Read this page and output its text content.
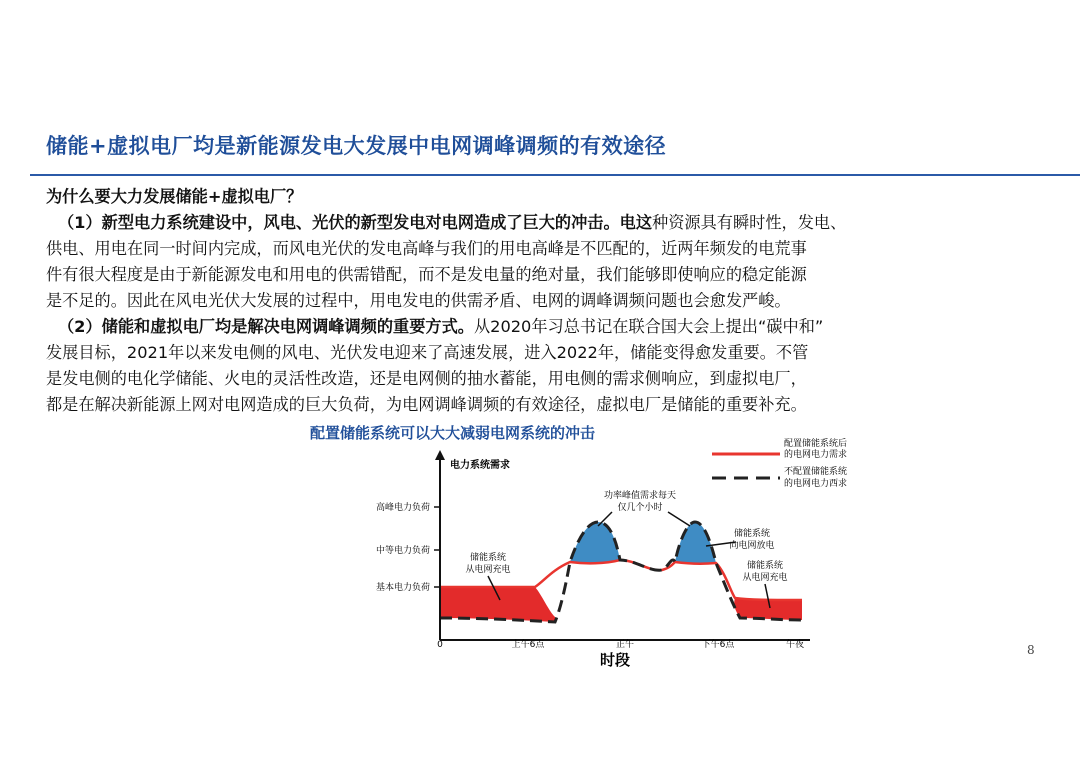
储能+虚拟电厂均是新能源发电大发展中电网调峰调频的有效途径

为什么要大力发展储能+虚拟电厂？

（1）新型电力系统建设中，风电、光伏的新型发电对电网造成了巨大的冲击。电这种资源具有瞬时性，发电、

供电、用电在同一时间内完成，而风电光伏的发电高峰与我们的用电高峰是不匹配的，近两年频发的电荒事

件有很大程度是由于新能源发电和用电的供需错配，而不是发电量的绝对量，我们能够即使响应的稳定能源

是不足的。因此在风电光伏大发展的过程中，用电发电的供需矛盾、电网的调峰调频问题也会愈发严峻。

（2）储能和虚拟电厂均是解决电网调峰调频的重要方式。从2020年习总书记在联合国大会上提出“碳中和”

发展目标，2021年以来发电侧的风电、光伏发电迎来了高速发展，进入2022年，储能变得愈发重要。不管

是发电侧的电化学储能、火电的灵活性改造，还是电网侧的抽水蓄能，用电侧的需求侧响应，到虚拟电厂，

都是在解决新能源上网对电网造成的巨大负荷，为电网调峰调频的有效途径，虚拟电厂是储能的重要补充。

配置储能系统可以大大减弱电网系统的冲击
电力系统需求
高峰电力负荷
中等电力负荷
基本电力负荷
0	上午6点	正午	下午6点	午夜
时段
功率峰值需求每天
仅几个小时
储能系统
从电网充电
储能系统
向电网放电
储能系统
从电网充电
配置储能系统后
的电网电力需求
不配置储能系统
的电网电力西求
8
